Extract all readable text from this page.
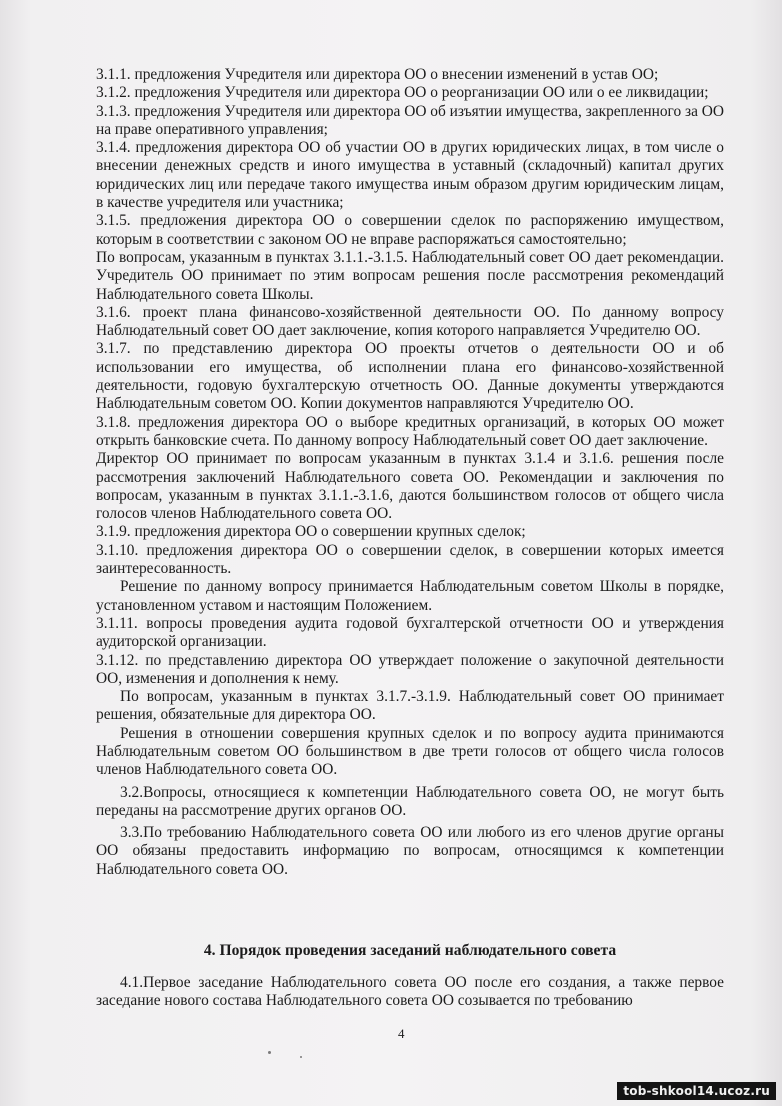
3.1.1. предложения Учредителя или директора ОО о внесении изменений в устав ОО;

3.1.2. предложения Учредителя или директора ОО о реорганизации ОО или о ее ликвидации;

3.1.3. предложения Учредителя или директора ОО об изъятии имущества, закрепленного за ОО на праве оперативного управления;

3.1.4. предложения директора ОО об участии ОО в других юридических лицах, в том числе о внесении денежных средств и иного имущества в уставный (складочный) капитал других юридических лиц или передаче такого имущества иным образом другим юридическим лицам, в качестве учредителя или участника;

3.1.5. предложения директора ОО о совершении сделок по распоряжению имуществом, которым в соответствии с законом ОО не вправе распоряжаться самостоятельно;

По вопросам, указанным в пунктах 3.1.1.-3.1.5. Наблюдательный совет ОО дает рекомендации. Учредитель ОО принимает по этим вопросам решения после рассмотрения рекомендаций Наблюдательного совета Школы.

3.1.6. проект плана финансово-хозяйственной деятельности ОО. По данному вопросу Наблюдательный совет ОО дает заключение, копия которого направляется Учредителю ОО.

3.1.7. по представлению директора ОО проекты отчетов о деятельности ОО и об использовании его имущества, об исполнении плана его финансово-хозяйственной деятельности, годовую бухгалтерскую отчетность ОО. Данные документы утверждаются Наблюдательным советом ОО. Копии документов направляются Учредителю ОО.

3.1.8. предложения директора ОО о выборе кредитных организаций, в которых ОО может открыть банковские счета. По данному вопросу Наблюдательный совет ОО дает заключение.

Директор ОО принимает по вопросам указанным в пунктах 3.1.4 и 3.1.6. решения после рассмотрения заключений Наблюдательного совета ОО. Рекомендации и заключения по вопросам, указанным в пунктах 3.1.1.-3.1.6, даются большинством голосов от общего числа голосов членов Наблюдательного совета ОО.

3.1.9. предложения директора ОО о совершении крупных сделок;

3.1.10. предложения директора ОО о совершении сделок, в совершении которых имеется заинтересованность.

Решение по данному вопросу принимается Наблюдательным советом Школы в порядке, установленном уставом и настоящим Положением.

3.1.11. вопросы проведения аудита годовой бухгалтерской отчетности ОО и утверждения аудиторской организации.

3.1.12. по представлению директора ОО утверждает положение о закупочной деятельности ОО, изменения и дополнения к нему.

По вопросам, указанным в пунктах 3.1.7.-3.1.9. Наблюдательный совет ОО принимает решения, обязательные для директора ОО.

Решения в отношении совершения крупных сделок и по вопросу аудита принимаются Наблюдательным советом ОО большинством в две трети голосов от общего числа голосов членов Наблюдательного совета ОО.

3.2.Вопросы, относящиеся к компетенции Наблюдательного совета ОО, не могут быть переданы на рассмотрение других органов ОО.

3.3.По требованию Наблюдательного совета ОО или любого из его членов другие органы ОО обязаны предоставить информацию по вопросам, относящимся к компетенции Наблюдательного совета ОО.

4. Порядок проведения заседаний наблюдательного совета

4.1.Первое заседание Наблюдательного совета ОО после его создания, а также первое заседание нового состава Наблюдательного совета ОО созывается по требованию

4
tob-shkool14.ucoz.ru
